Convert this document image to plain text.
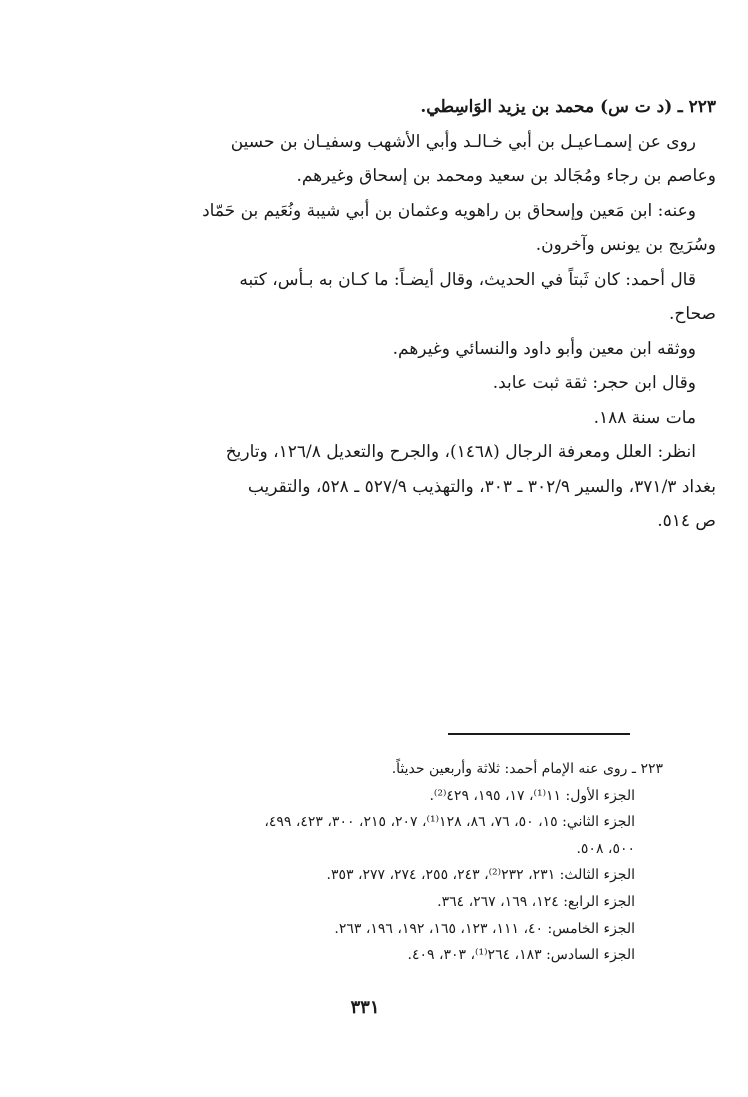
٢٢٣ ـ (د ت س) محمد بن يزيد الوَاسِطي.

روى عن إسمـاعيـل بن أبي خـالـد وأبي الأشهب وسفيـان بن حسين

وعاصم بن رجاء ومُجَالد بن سعيد ومحمد بن إسحاق وغيرهم.

وعنه: ابن مَعين وإسحاق بن راهويه وعثمان بن أبي شيبة ونُعَيم بن حَمّاد

وسُرَيج بن يونس وآخرون.

قال أحمد: كان ثَبتاً في الحديث، وقال أيضـاً: ما كـان به بـأس، كتبه

صحاح.

ووثقه ابن معين وأبو داود والنسائي وغيرهم.

وقال ابن حجر: ثقة ثبت عابد.

مات سنة ١٨٨.

انظر: العلل ومعرفة الرجال (١٤٦٨)، والجرح والتعديل ١٢٦/٨، وتاريخ

بغداد ٣٧١/٣، والسير ٣٠٢/٩ ـ ٣٠٣، والتهذيب ٥٢٧/٩ ـ ٥٢٨، والتقريب

ص ٥١٤.

٢٢٣ ـ روى عنه الإمام أحمد: ثلاثة وأربعين حديثاً.

الجزء الأول: ١١⁽¹⁾، ١٧، ١٩٥، ٤٢٩⁽²⁾.

الجزء الثاني: ١٥، ٥٠، ٧٦، ٨٦، ١٢٨⁽¹⁾، ٢٠٧، ٢١٥، ٣٠٠، ٤٢٣، ٤٩٩،

٥٠٠، ٥٠٨.

الجزء الثالث: ٢٣١، ٢٣٢⁽²⁾، ٢٤٣، ٢٥٥، ٢٧٤، ٢٧٧، ٣٥٣.

الجزء الرابع: ١٢٤، ١٦٩، ٢٦٧، ٣٦٤.

الجزء الخامس: ٤٠، ١١١، ١٢٣، ١٦٥، ١٩٢، ١٩٦، ٢٦٣.

الجزء السادس: ١٨٣، ٢٦٤⁽¹⁾، ٣٠٣، ٤٠٩.

٣٣١
